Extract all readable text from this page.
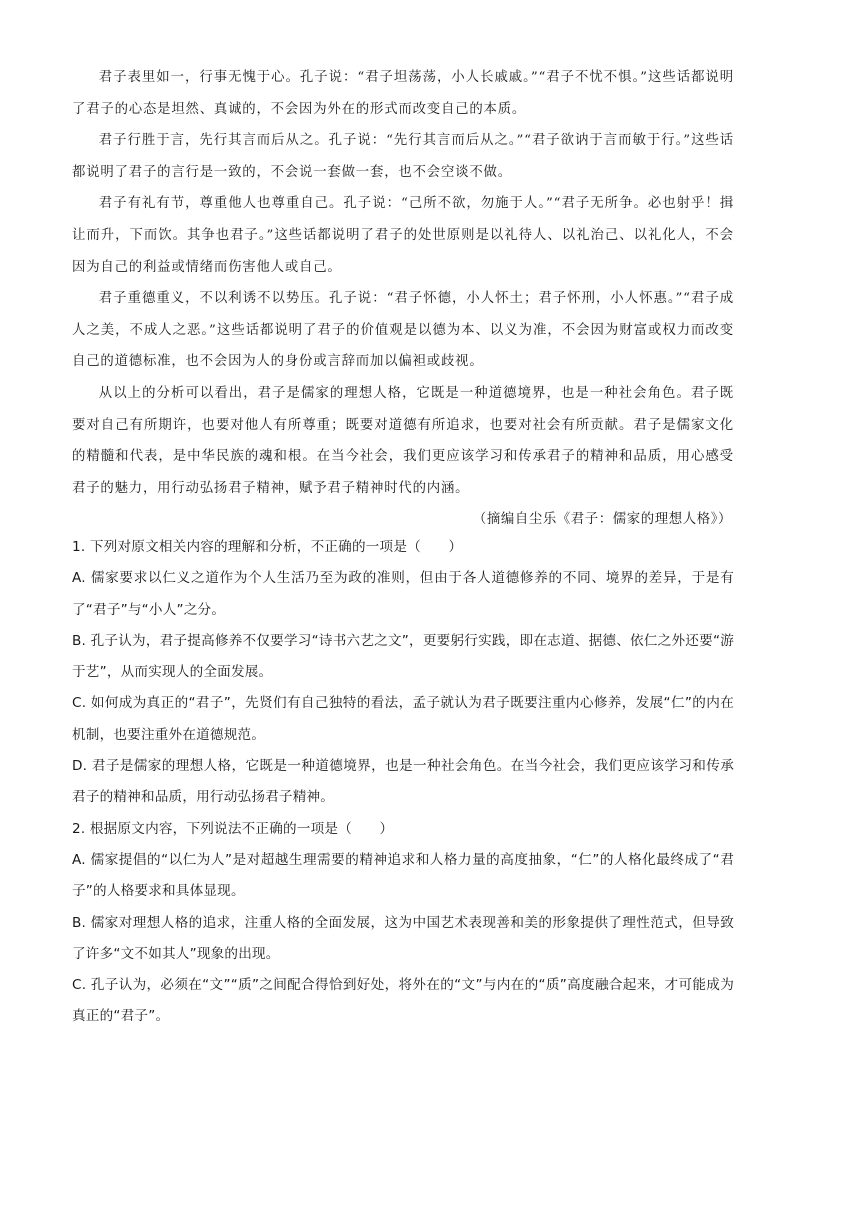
君子表里如一，行事无愧于心。孔子说：“君子坦荡荡，小人长戚戚。”“君子不忧不惧。”这些话都说明了君子的心态是坦然、真诚的，不会因为外在的形式而改变自己的本质。

君子行胜于言，先行其言而后从之。孔子说：“先行其言而后从之。”“君子欲讷于言而敏于行。”这些话都说明了君子的言行是一致的，不会说一套做一套，也不会空谈不做。

君子有礼有节，尊重他人也尊重自己。孔子说：“己所不欲，勿施于人。”“君子无所争。必也射乎！揖让而升，下而饮。其争也君子。”这些话都说明了君子的处世原则是以礼待人、以礼治己、以礼化人，不会因为自己的利益或情绪而伤害他人或自己。

君子重德重义，不以利诱不以势压。孔子说：“君子怀德，小人怀土；君子怀刑，小人怀惠。”“君子成人之美，不成人之恶。”这些话都说明了君子的价值观是以德为本、以义为准，不会因为财富或权力而改变自己的道德标准，也不会因为人的身份或言辞而加以偏袒或歧视。

从以上的分析可以看出，君子是儒家的理想人格，它既是一种道德境界，也是一种社会角色。君子既要对自己有所期许，也要对他人有所尊重；既要对道德有所追求，也要对社会有所贡献。君子是儒家文化的精髓和代表，是中华民族的魂和根。在当今社会，我们更应该学习和传承君子的精神和品质，用心感受君子的魅力，用行动弘扬君子精神，赋予君子精神时代的内涵。

（摘编自尘乐《君子：儒家的理想人格》）

1. 下列对原文相关内容的理解和分析，不正确的一项是（　　）

A. 儒家要求以仁义之道作为个人生活乃至为政的准则，但由于各人道德修养的不同、境界的差异，于是有了“君子”与“小人”之分。

B. 孔子认为，君子提高修养不仅要学习“诗书六艺之文”，更要躬行实践，即在志道、据德、依仁之外还要“游于艺”，从而实现人的全面发展。

C. 如何成为真正的“君子”，先贤们有自己独特的看法，孟子就认为君子既要注重内心修养，发展“仁”的内在机制，也要注重外在道德规范。

D. 君子是儒家的理想人格，它既是一种道德境界，也是一种社会角色。在当今社会，我们更应该学习和传承君子的精神和品质，用行动弘扬君子精神。

2. 根据原文内容，下列说法不正确的一项是（　　）

A. 儒家提倡的“以仁为人”是对超越生理需要的精神追求和人格力量的高度抽象，“仁”的人格化最终成了“君子”的人格要求和具体显现。

B. 儒家对理想人格的追求，注重人格的全面发展，这为中国艺术表现善和美的形象提供了理性范式，但导致了许多“文不如其人”现象的出现。

C. 孔子认为，必须在“文”“质”之间配合得恰到好处，将外在的“文”与内在的“质”高度融合起来，才可能成为真正的“君子”。
